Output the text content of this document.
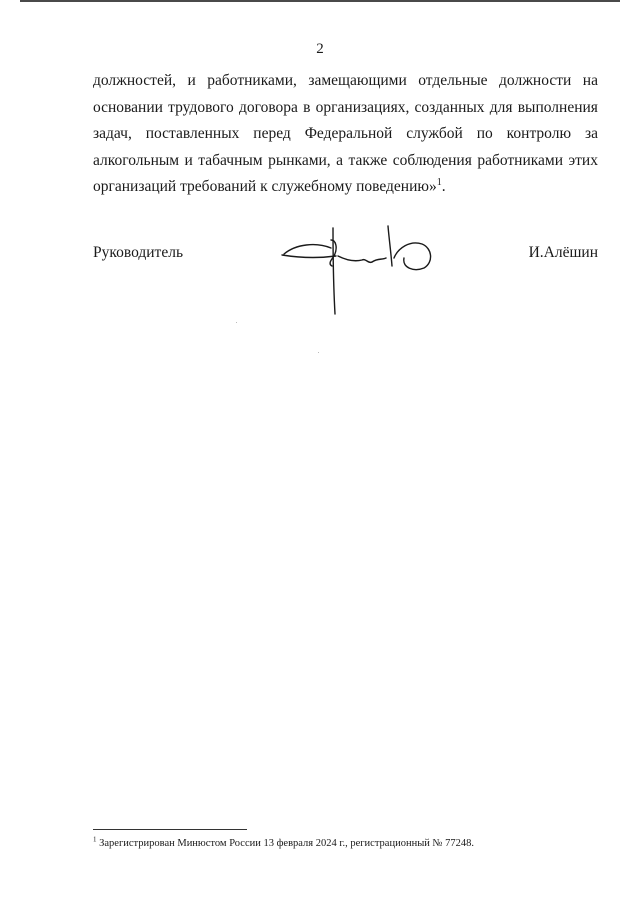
2
должностей, и работниками, замещающими отдельные должности на
основании трудового договора в организациях, созданных для выполнения
задач, поставленных перед Федеральной службой по контролю за
алкогольным и табачным рынками, а также соблюдения работниками этих
организаций требований к служебному поведению»$^1$.
Руководитель	И.Алёшин
$^1$ Зарегистрирован Минюстом России 13 февраля 2024 г., регистрационный № 77248.
